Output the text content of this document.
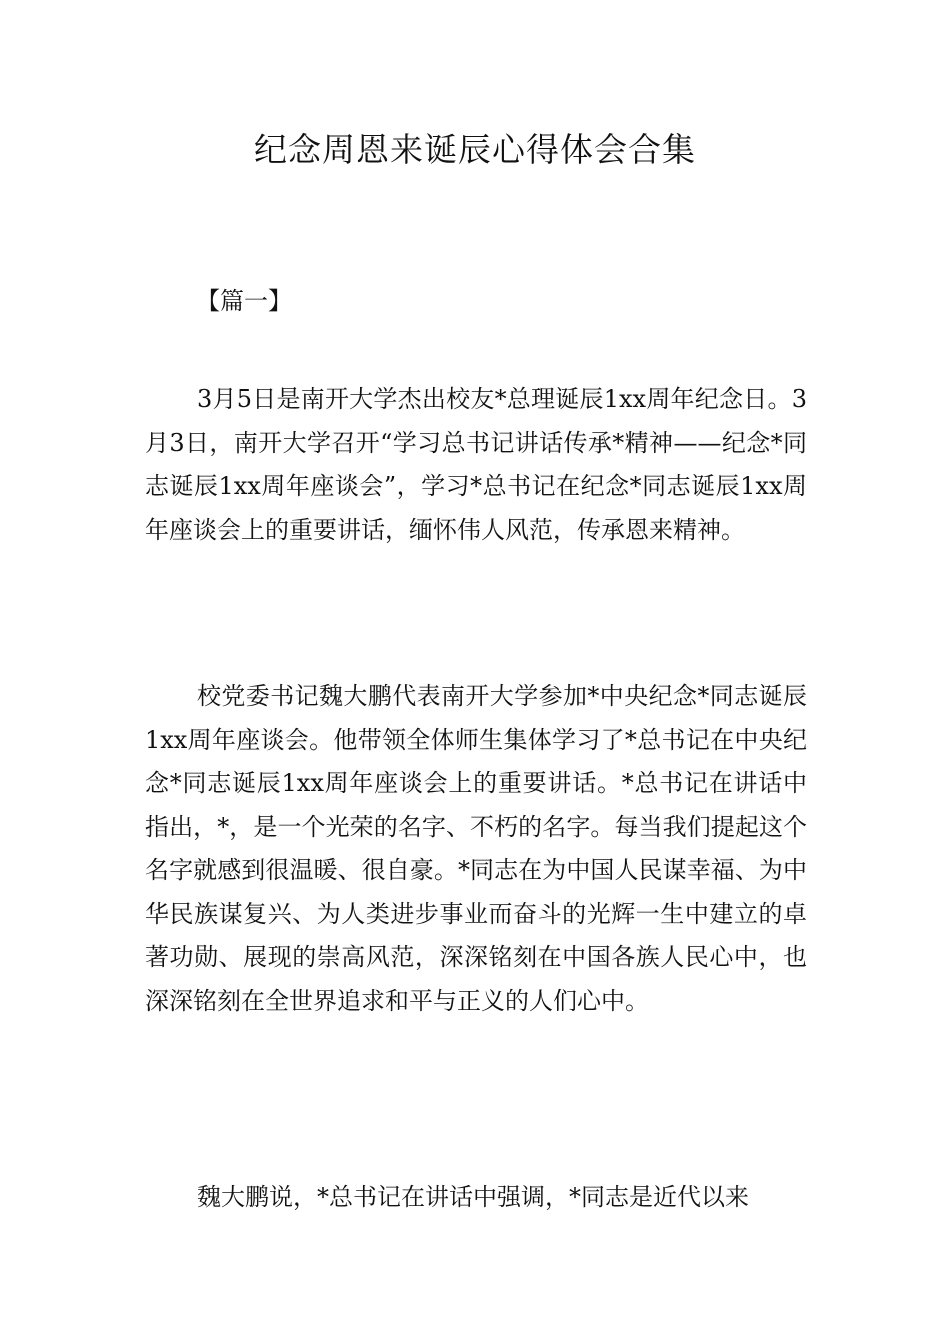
纪念周恩来诞辰心得体会合集
【篇一】

3月5日是南开大学杰出校友*总理诞辰1xx周年纪念日。3月3日，南开大学召开“学习总书记讲话传承*精神——纪念*同志诞辰1xx周年座谈会”，学习*总书记在纪念*同志诞辰1xx周年座谈会上的重要讲话，缅怀伟人风范，传承恩来精神。

校党委书记魏大鹏代表南开大学参加*中央纪念*同志诞辰1xx周年座谈会。他带领全体师生集体学习了*总书记在中央纪念*同志诞辰1xx周年座谈会上的重要讲话。*总书记在讲话中指出，*，是一个光荣的名字、不朽的名字。每当我们提起这个名字就感到很温暖、很自豪。*同志在为中国人民谋幸福、为中华民族谋复兴、为人类进步事业而奋斗的光辉一生中建立的卓著功勋、展现的崇高风范，深深铭刻在中国各族人民心中，也深深铭刻在全世界追求和平与正义的人们心中。

魏大鹏说，*总书记在讲话中强调，*同志是近代以来
